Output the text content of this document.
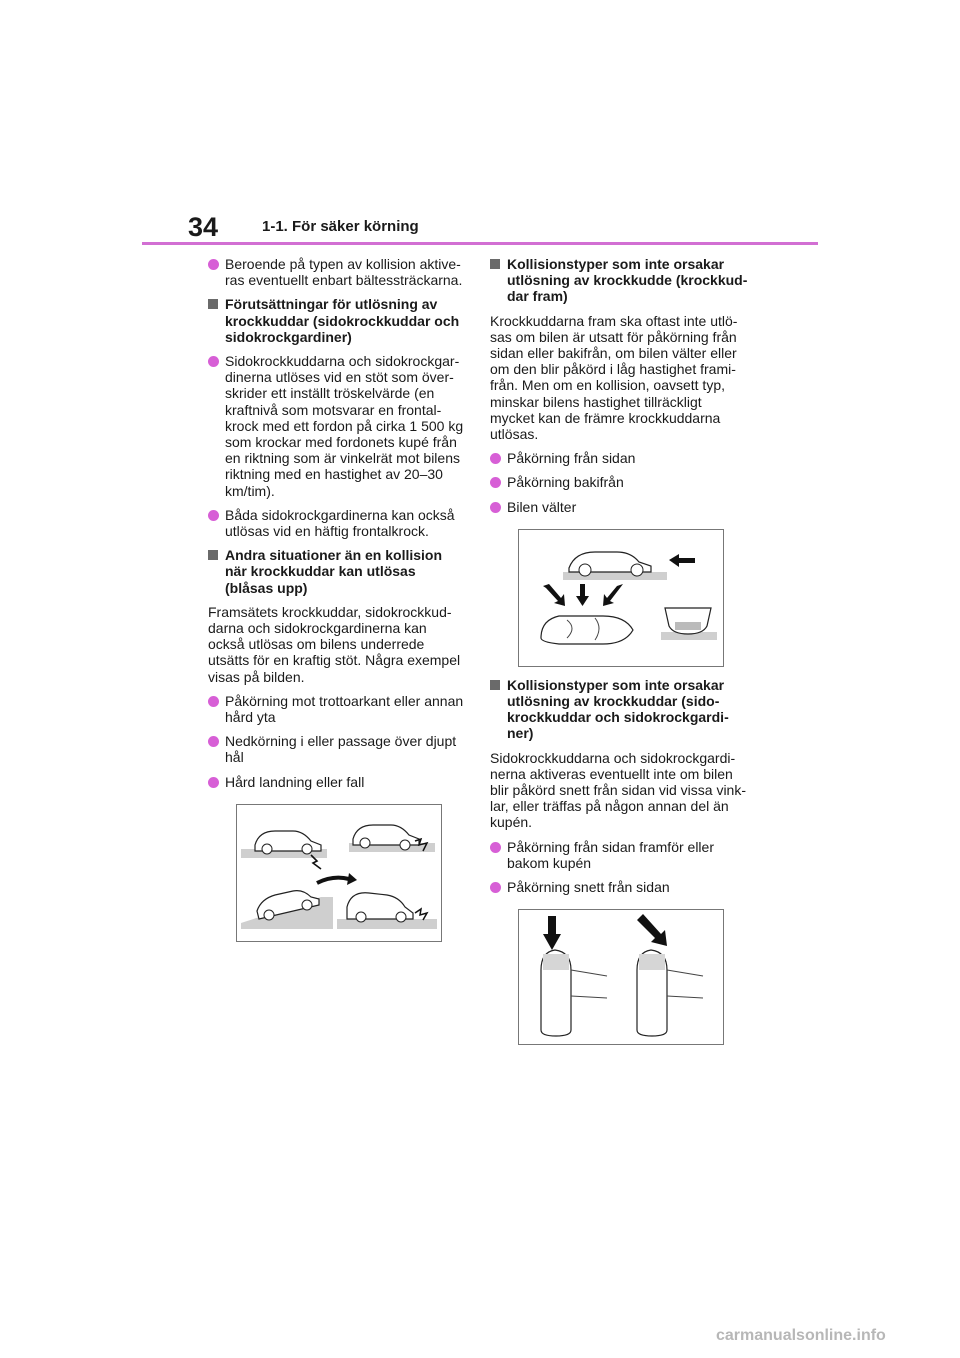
34	1-1. För säker körning
Beroende på typen av kollision aktive-ras eventuellt enbart bältessträckarna.
Förutsättningar för utlösning av krockkuddar (sidokrockkuddar och sidokrockgardiner)
Sidokrockkuddarna och sidokrockgar-dinerna utlöses vid en stöt som över-skrider ett inställt tröskelvärde (en kraftnivå som motsvarar en frontal-krock med ett fordon på cirka 1 500 kg som krockar med fordonets kupé från en riktning som är vinkelrät mot bilens riktning med en hastighet av 20–30 km/tim).
Båda sidokrockgardinerna kan också utlösas vid en häftig frontalkrock.
Andra situationer än en kollision när krockkuddar kan utlösas (blåsas upp)
Framsätets krockkuddar, sidokrockkud-darna och sidokrockgardinerna kan också utlösas om bilens underrede utsätts för en kraftig stöt. Några exempel visas på bilden.
Påkörning mot trottoarkant eller annan hård yta
Nedkörning i eller passage över djupt hål
Hård landning eller fall
Kollisionstyper som inte orsakar utlösning av krockkudde (krockkud-dar fram)
Krockkuddarna fram ska oftast inte utlö-sas om bilen är utsatt för påkörning från sidan eller bakifrån, om bilen välter eller om den blir påkörd i låg hastighet frami-från. Men om en kollision, oavsett typ, minskar bilens hastighet tillräckligt mycket kan de främre krockkuddarna utlösas.
Påkörning från sidan
Påkörning bakifrån
Bilen välter
Kollisionstyper som inte orsakar utlösning av krockkuddar (sido-krockkuddar och sidokrockgardi-ner)
Sidokrockkuddarna och sidokrockgardi-nerna aktiveras eventuellt inte om bilen blir påkörd snett från sidan vid vissa vink-lar, eller träffas på någon annan del än kupén.
Påkörning från sidan framför eller bakom kupén
Påkörning snett från sidan
carmanualsonline.info
